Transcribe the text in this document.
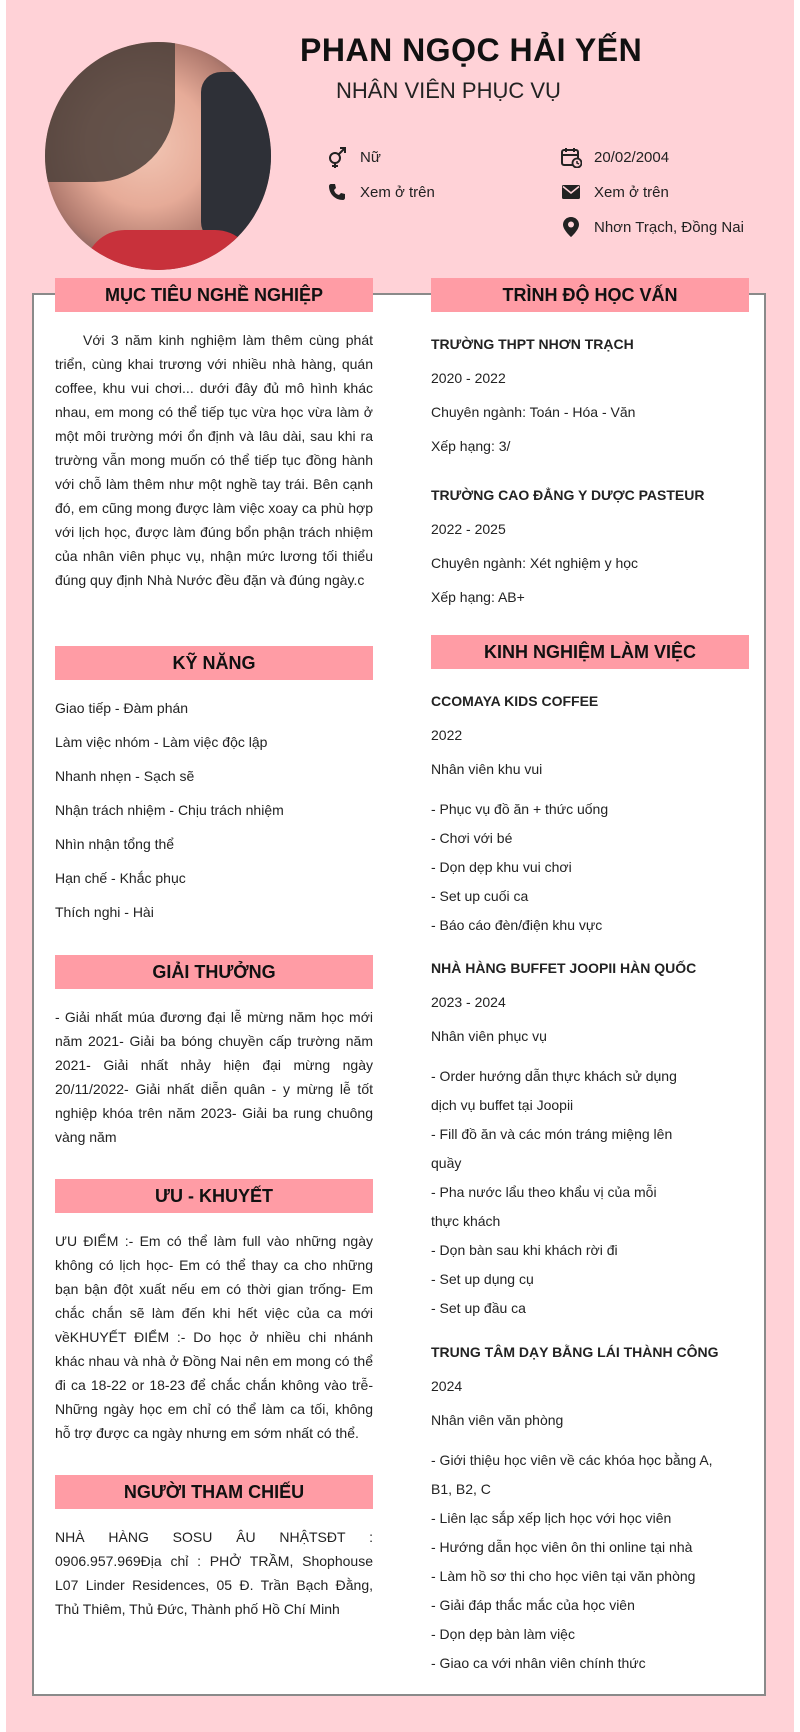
PHAN NGỌC HẢI YẾN
NHÂN VIÊN PHỤC VỤ
Nữ	20/02/2004
Xem ở trên	Xem ở trên
Nhơn Trạch, Đồng Nai
MỤC TIÊU NGHỀ NGHIỆP
Với 3 năm kinh nghiệm làm thêm cùng phát triển, cùng khai trương với nhiều nhà hàng, quán coffee, khu vui chơi... dưới đây đủ mô hình khác nhau, em mong có thể tiếp tục vừa học vừa làm ở một môi trường mới ổn định và lâu dài, sau khi ra trường vẫn mong muốn có thể tiếp tục đồng hành với chỗ làm thêm như một nghề tay trái. Bên cạnh đó, em cũng mong được làm việc xoay ca phù hợp với lịch học, được làm đúng bổn phận trách nhiệm của nhân viên phục vụ, nhận mức lương tối thiểu đúng quy định Nhà Nước đều đặn và đúng ngày.c
KỸ NĂNG
Giao tiếp - Đàm phán
Làm việc nhóm - Làm việc độc lập
Nhanh nhẹn - Sạch sẽ
Nhận trách nhiệm - Chịu trách nhiệm
Nhìn nhận tổng thể
Hạn chế - Khắc phục
Thích nghi - Hài
GIẢI THƯỞNG
- Giải nhất múa đương đại lễ mừng năm học mới năm 2021- Giải ba bóng chuyền cấp trường năm 2021- Giải nhất nhảy hiện đại mừng ngày 20/11/2022- Giải nhất diễn quân - y mừng lễ tốt nghiệp khóa trên năm 2023- Giải ba rung chuông vàng năm
ƯU - KHUYẾT
ƯU ĐIỂM :- Em có thể làm full vào những ngày không có lịch học- Em có thể thay ca cho những bạn bận đột xuất nếu em có thời gian trống- Em chắc chắn sẽ làm đến khi hết việc của ca mới vềKHUYẾT ĐIỂM :- Do học ở nhiều chi nhánh khác nhau và nhà ở Đồng Nai nên em mong có thể đi ca 18-22 or 18-23 để chắc chắn không vào trễ- Những ngày học em chỉ có thể làm ca tối, không hỗ trợ được ca ngày nhưng em sớm nhất có thể.
NGƯỜI THAM CHIẾU
NHÀ HÀNG SOSU ÂU NHẬTSĐT : 0906.957.969Địa chỉ : PHỞ TRẦM, Shophouse L07 Linder Residences, 05 Đ. Trần Bạch Đằng, Thủ Thiêm, Thủ Đức, Thành phố Hồ Chí Minh
TRÌNH ĐỘ HỌC VẤN
TRƯỜNG THPT NHƠN TRẠCH
2020 - 2022
Chuyên ngành: Toán - Hóa - Văn
Xếp hạng: 3/
TRƯỜNG CAO ĐẲNG Y DƯỢC PASTEUR
2022 - 2025
Chuyên ngành: Xét nghiệm y học
Xếp hạng: AB+
KINH NGHIỆM LÀM VIỆC
CCOMAYA KIDS COFFEE
2022
Nhân viên khu vui
- Phục vụ đồ ăn + thức uống
- Chơi với bé
- Dọn dẹp khu vui chơi
- Set up cuối ca
- Báo cáo đèn/điện khu vực
NHÀ HÀNG BUFFET JOOPII HÀN QUỐC
2023 - 2024
Nhân viên phục vụ
- Order hướng dẫn thực khách sử dụng dịch vụ buffet tại Joopii
- Fill đồ ăn và các món tráng miệng lên quầy
- Pha nước lẩu theo khẩu vị của mỗi thực khách
- Dọn bàn sau khi khách rời đi
- Set up dụng cụ
- Set up đầu ca
TRUNG TÂM DẠY BẰNG LÁI THÀNH CÔNG
2024
Nhân viên văn phòng
- Giới thiệu học viên về các khóa học bằng A, B1, B2, C
- Liên lạc sắp xếp lịch học với học viên
- Hướng dẫn học viên ôn thi online tại nhà
- Làm hồ sơ thi cho học viên tại văn phòng
- Giải đáp thắc mắc của học viên
- Dọn dẹp bàn làm việc
- Giao ca với nhân viên chính thức
